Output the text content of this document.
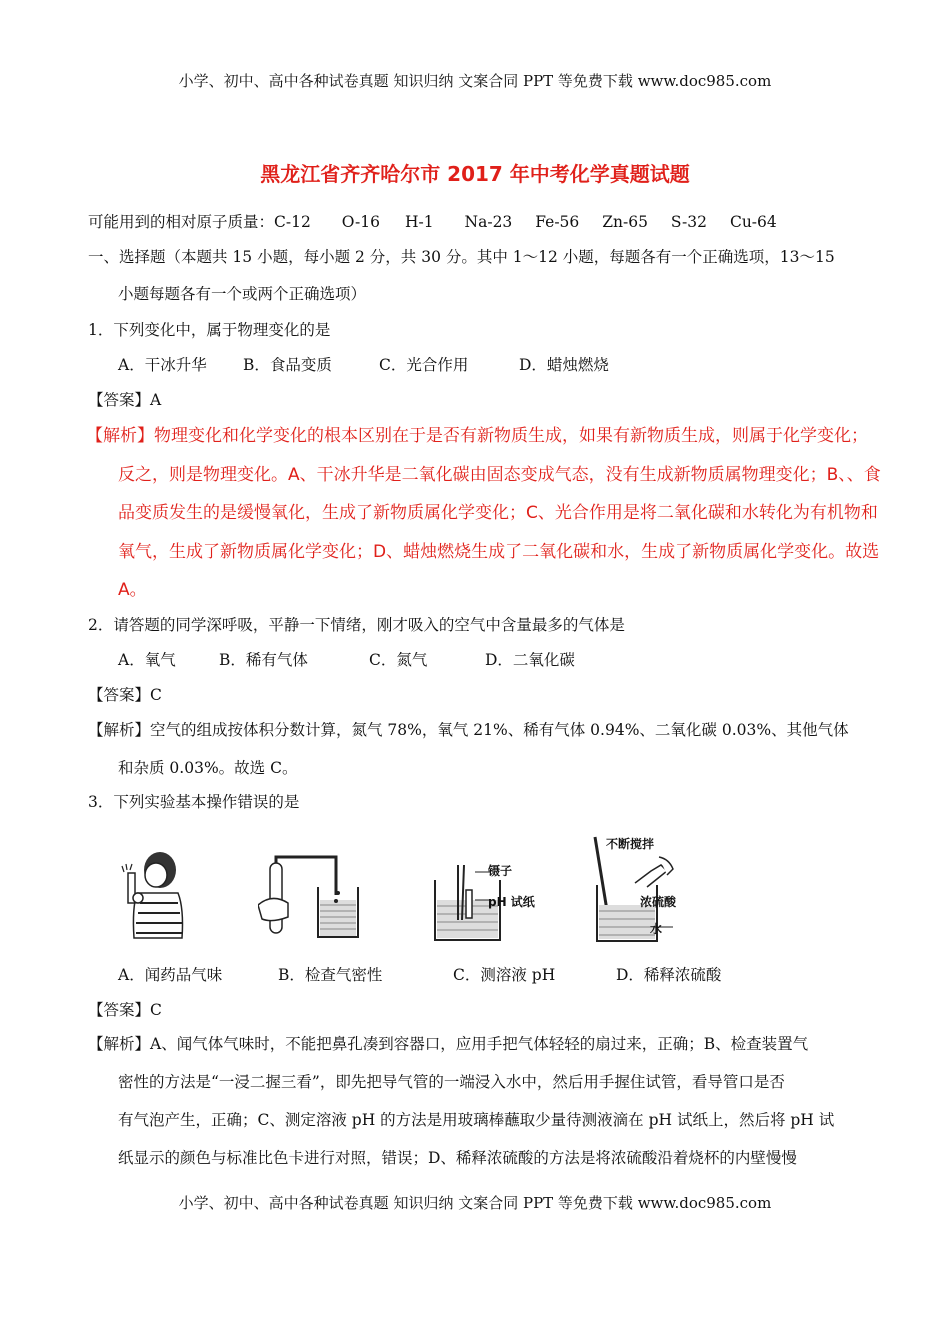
小学、初中、高中各种试卷真题 知识归纳 文案合同 PPT 等免费下载 www.doc985.com
黑龙江省齐齐哈尔市 2017 年中考化学真题试题
可能用到的相对原子质量：C-12 O-16 H-1 Na-23 Fe-56 Zn-65 S-32 Cu-64
一、选择题（本题共 15 小题，每小题 2 分，共 30 分。其中 1～12 小题，每题各有一个正确选项，13～15
小题每题各有一个或两个正确选项）
1．下列变化中，属于物理变化的是
A．干冰升华 B．食品变质	C．光合作用	D．蜡烛燃烧
【答案】A
【解析】物理变化和化学变化的根本区别在于是否有新物质生成，如果有新物质生成，则属于化学变化；
反之，则是物理变化。A、干冰升华是二氧化碳由固态变成气态，没有生成新物质属物理变化；B、、食
品变质发生的是缓慢氧化，生成了新物质属化学变化；C、光合作用是将二氧化碳和水转化为有机物和
氧气，生成了新物质属化学变化；D、蜡烛燃烧生成了二氧化碳和水，生成了新物质属化学变化。故选
A。
2．请答题的同学深呼吸，平静一下情绪，刚才吸入的空气中含量最多的气体是
A．氧气	B．稀有气体	C．氮气	D．二氧化碳
【答案】C
【解析】空气的组成按体积分数计算，氮气 78%，氧气 21%、稀有气体 0.94%、二氧化碳 0.03%、其他气体
和杂质 0.03%。故选 C。
3．下列实验基本操作错误的是
镊子
pH 试纸
不断搅拌
浓硫酸
水
A．闻药品气味	B．检查气密性	C．测溶液 pH	D．稀释浓硫酸
【答案】C
【解析】A、闻气体气味时，不能把鼻孔凑到容器口，应用手把气体轻轻的扇过来，正确；B、检查装置气
密性的方法是“一浸二握三看”，即先把导气管的一端浸入水中，然后用手握住试管，看导管口是否
有气泡产生，正确；C、测定溶液 pH 的方法是用玻璃棒蘸取少量待测液滴在 pH 试纸上，然后将 pH 试
纸显示的颜色与标准比色卡进行对照，错误；D、稀释浓硫酸的方法是将浓硫酸沿着烧杯的内壁慢慢
小学、初中、高中各种试卷真题 知识归纳 文案合同 PPT 等免费下载 www.doc985.com
